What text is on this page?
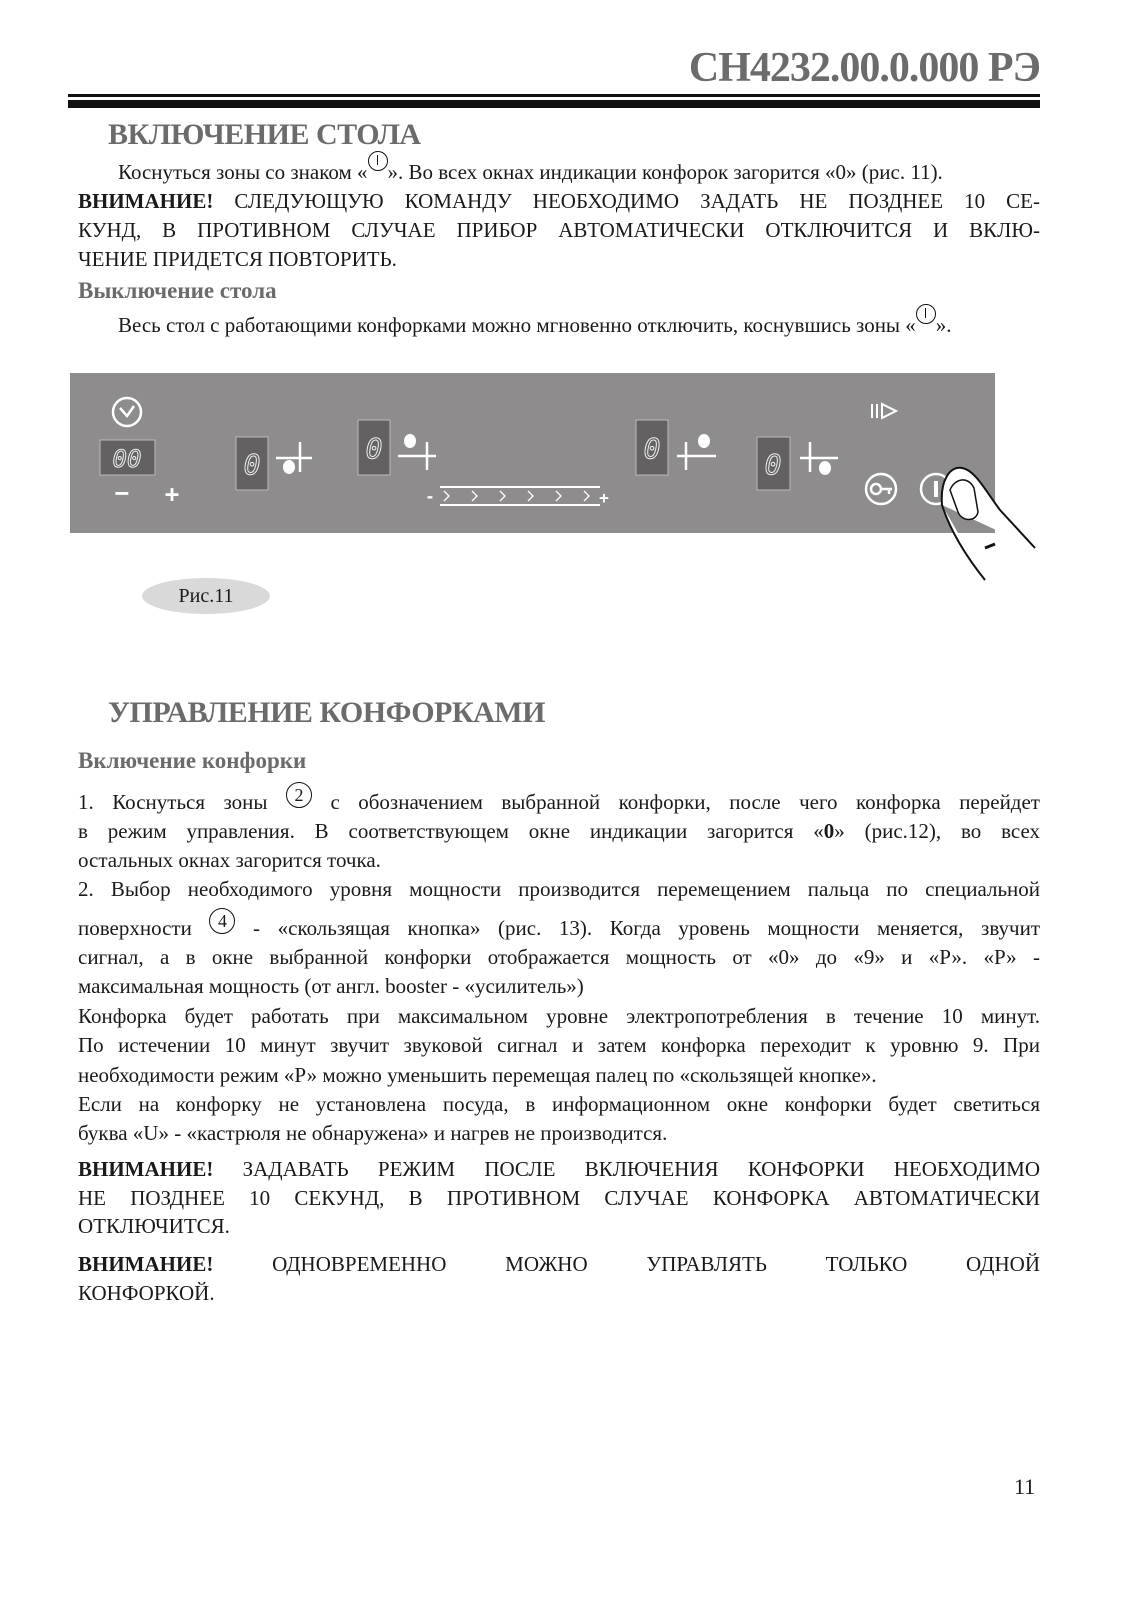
СН4232.00.0.000 РЭ
ВКЛЮЧЕНИЕ СТОЛА
Коснуться зоны со знаком « ». Во всех окнах индикации конфорок загорится «0» (рис. 11).
ВНИМАНИЕ! СЛЕДУЮЩУЮ КОМАНДУ НЕОБХОДИМО ЗАДАТЬ НЕ ПОЗДНЕЕ 10 СЕ-
КУНД, В ПРОТИВНОМ СЛУЧАЕ ПРИБОР АВТОМАТИЧЕСКИ ОТКЛЮЧИТСЯ И ВКЛЮ-
ЧЕНИЕ ПРИДЕТСЯ ПОВТОРИТЬ.
Выключение стола
Весь стол с работающими конфорками можно мгновенно отключить, коснувшись зоны « ».
00
− +
0	0
-	+
0	0
Рис.11
УПРАВЛЕНИЕ КОНФОРКАМИ
Включение конфорки
1. Коснуться зоны 2 с обозначением выбранной конфорки, после чего конфорка перейдет
в режим управления. В соответствующем окне индикации загорится «0» (рис.12), во всех
остальных окнах загорится точка.
2. Выбор необходимого уровня мощности производится перемещением пальца по специальной
поверхности 4 - «скользящая кнопка» (рис. 13). Когда уровень мощности меняется, звучит
сигнал, а в окне выбранной конфорки отображается мощность от «0» до «9» и «Р». «Р» -
максимальная мощность (от англ. booster - «усилитель»)
Конфорка будет работать при максимальном уровне электропотребления в течение 10 минут.
По истечении 10 минут звучит звуковой сигнал и затем конфорка переходит к уровню 9. При
необходимости режим «Р» можно уменьшить перемещая палец по «скользящей кнопке».
Если на конфорку не установлена посуда, в информационном окне конфорки будет светиться
буква «U» - «кастрюля не обнаружена» и нагрев не производится.
ВНИМАНИЕ! ЗАДАВАТЬ РЕЖИМ ПОСЛЕ ВКЛЮЧЕНИЯ КОНФОРКИ НЕОБХОДИМО
НЕ ПОЗДНЕЕ 10 СЕКУНД, В ПРОТИВНОМ СЛУЧАЕ КОНФОРКА АВТОМАТИЧЕСКИ
ОТКЛЮЧИТСЯ.
ВНИМАНИЕ! ОДНОВРЕМЕННО МОЖНО УПРАВЛЯТЬ ТОЛЬКО ОДНОЙ
КОНФОРКОЙ.
11
